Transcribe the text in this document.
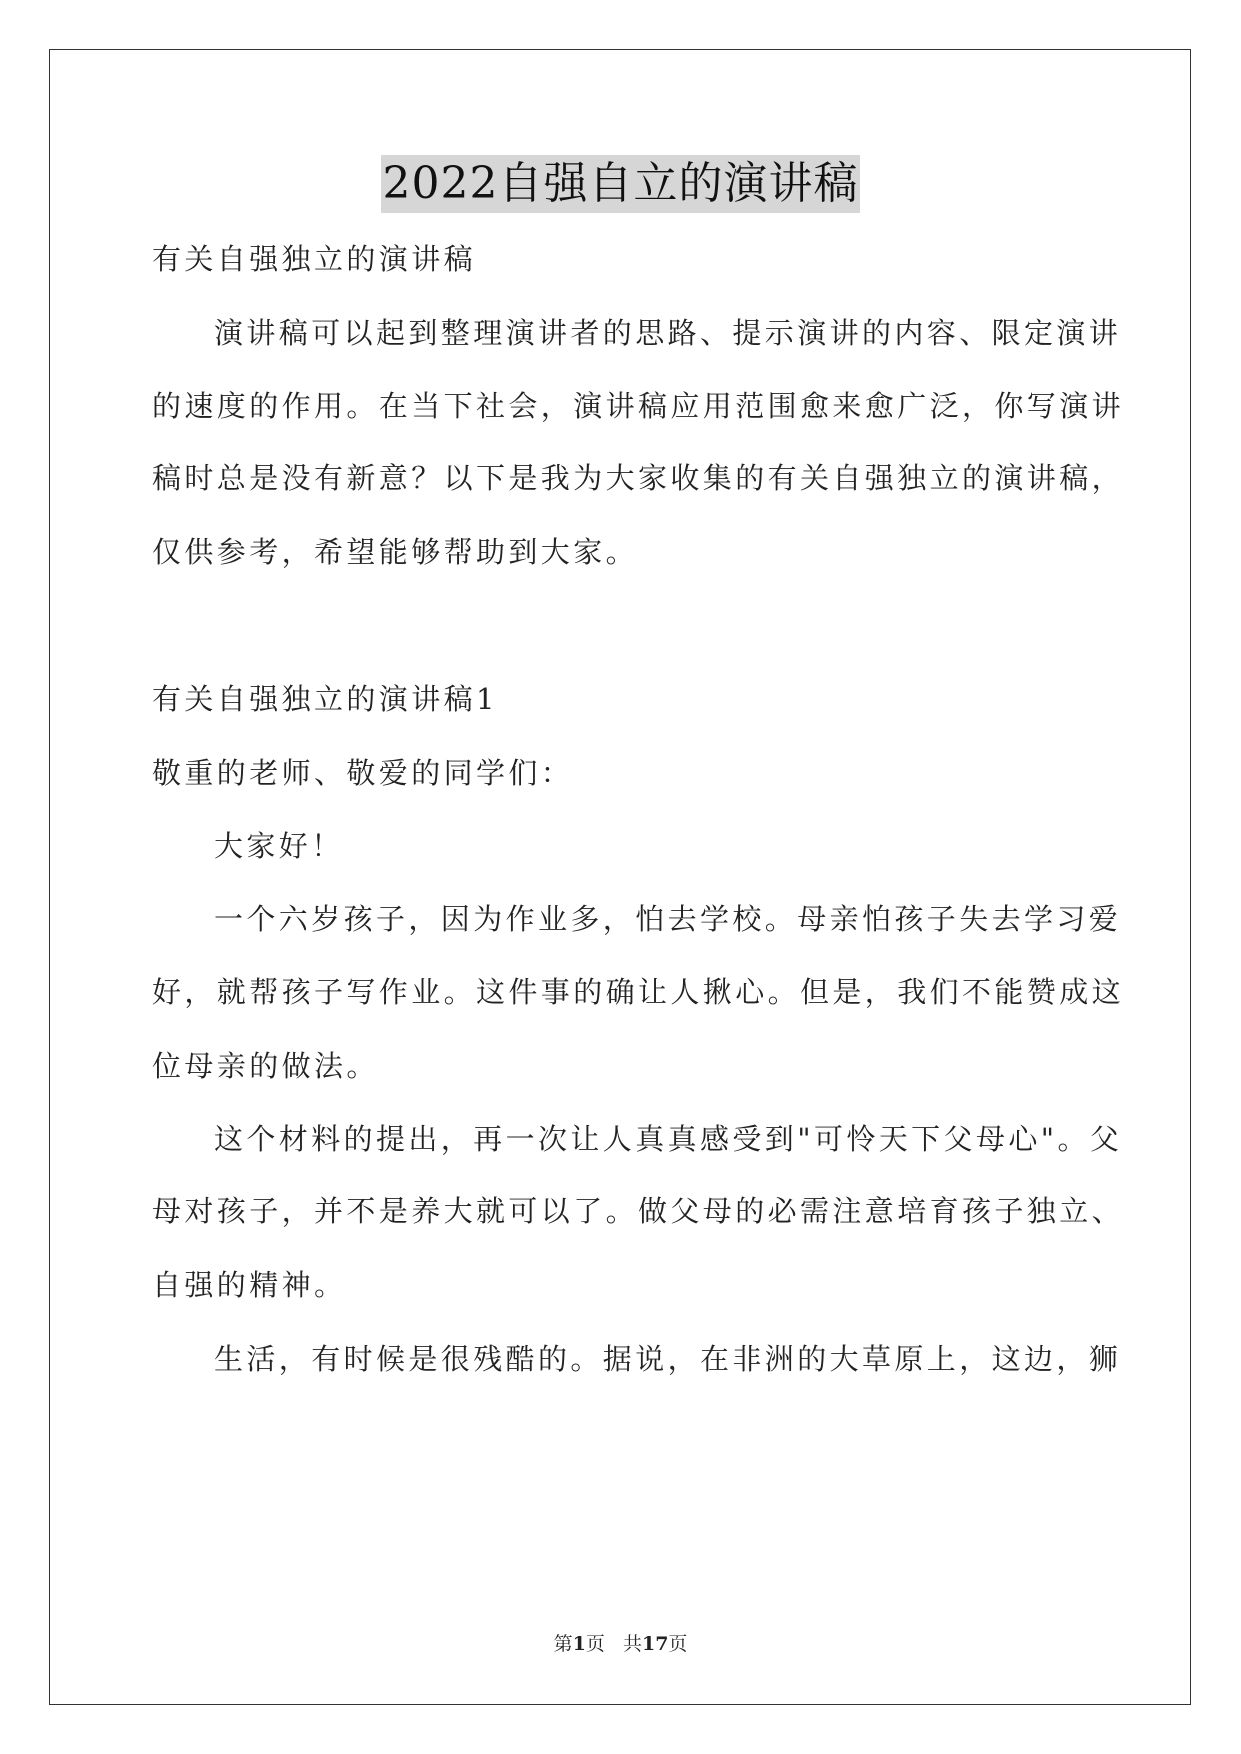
2022自强自立的演讲稿
有关自强独立的演讲稿
演讲稿可以起到整理演讲者的思路、提示演讲的内容、限定演讲
的速度的作用。在当下社会，演讲稿应用范围愈来愈广泛，你写演讲
稿时总是没有新意？以下是我为大家收集的有关自强独立的演讲稿，
仅供参考，希望能够帮助到大家。
有关自强独立的演讲稿1
敬重的老师、敬爱的同学们：
大家好！
一个六岁孩子，因为作业多，怕去学校。母亲怕孩子失去学习爱
好，就帮孩子写作业。这件事的确让人揪心。但是，我们不能赞成这
位母亲的做法。
这个材料的提出，再一次让人真真感受到"可怜天下父母心"。父
母对孩子，并不是养大就可以了。做父母的必需注意培育孩子独立、
自强的精神。
生活，有时候是很残酷的。据说，在非洲的大草原上，这边，狮
第1页 共17页
